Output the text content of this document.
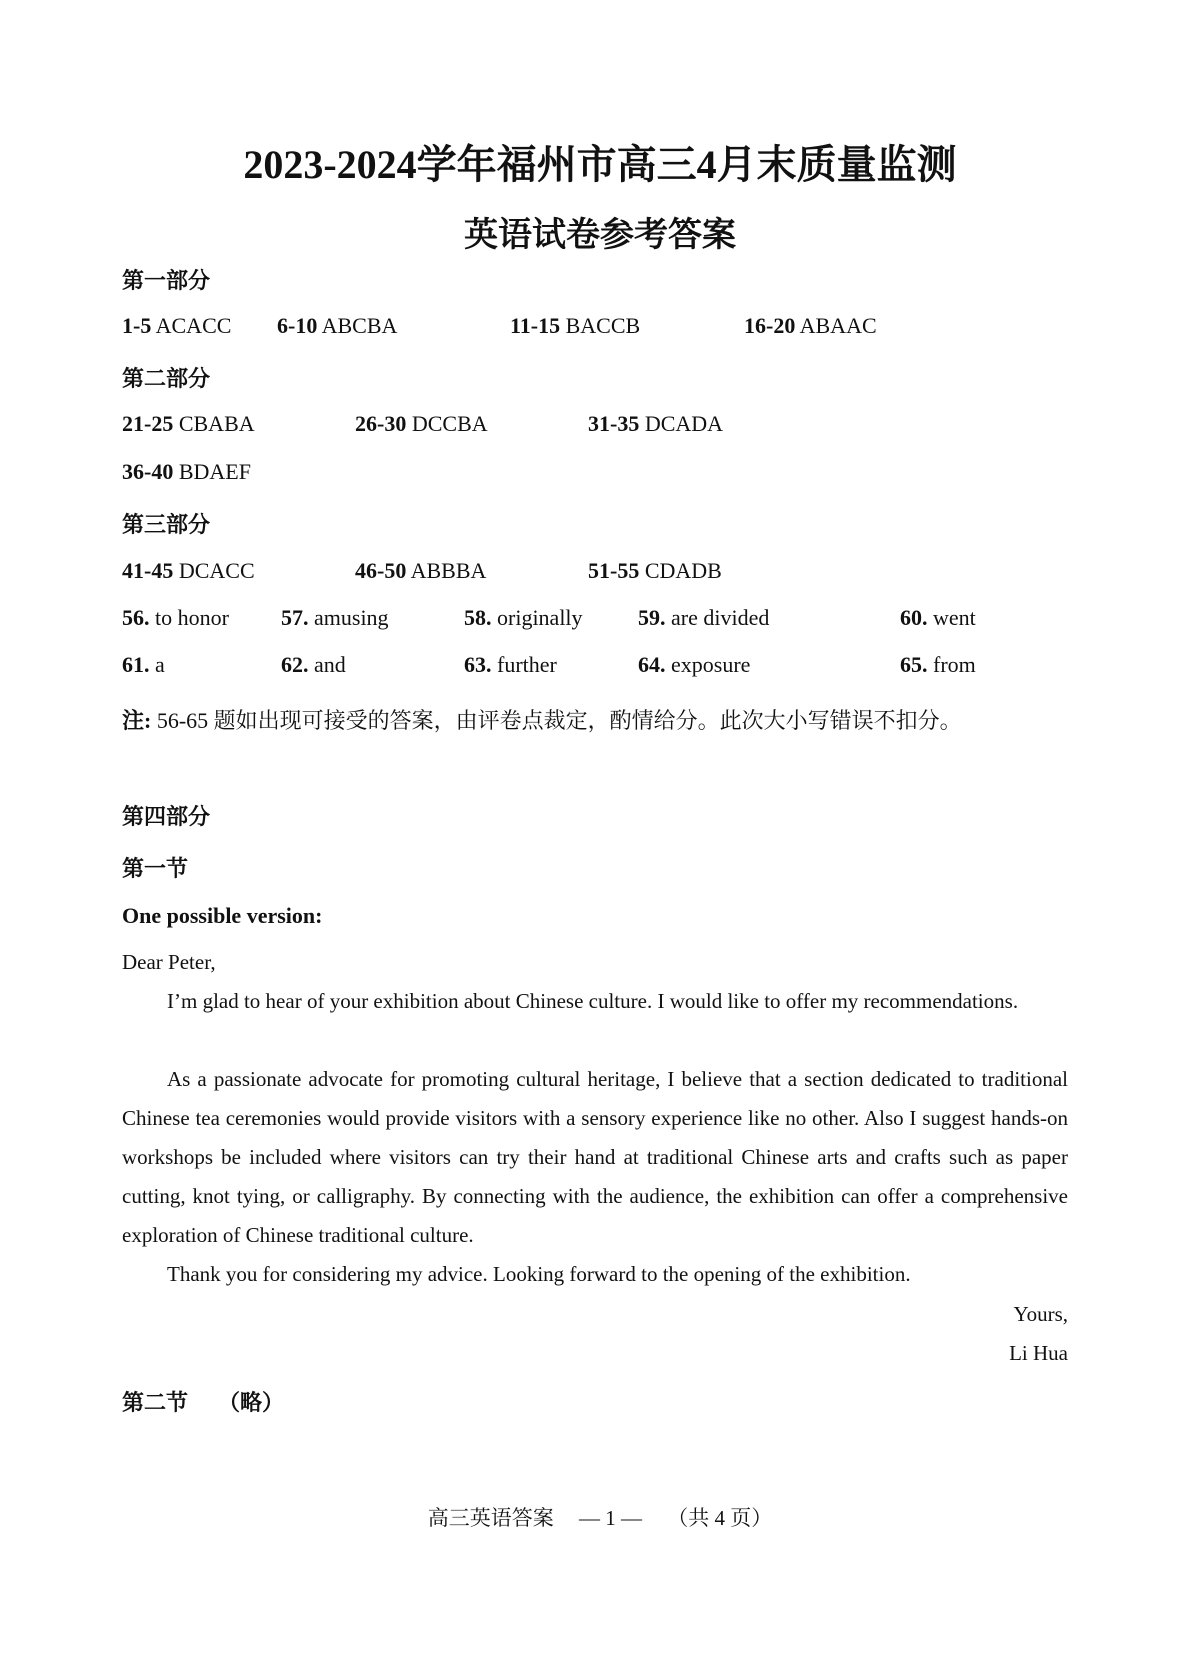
2023-2024学年福州市高三4月末质量监测
英语试卷参考答案
第一部分
1-5 ACACC 6-10 ABCBA	11-15 BACCB	16-20 ABAAC
第二部分
21-25 CBABA	26-30 DCCBA	31-35 DCADA
36-40 BDAEF
第三部分
41-45 DCACC	46-50 ABBBA	51-55 CDADB
56. to honor 57. amusing	58. originally	59. are divided	60. went
61. a	62. and	63. further	64. exposure	65. from
注: 56-65 题如出现可接受的答案，由评卷点裁定，酌情给分。此次大小写错误不扣分。
第四部分
第一节
One possible version:
Dear Peter,
I’m glad to hear of your exhibition about Chinese culture. I would like to offer my recommendations.
As a passionate advocate for promoting cultural heritage, I believe that a section dedicated to traditional Chinese tea ceremonies would provide visitors with a sensory experience like no other. Also I suggest hands-on workshops be included where visitors can try their hand at traditional Chinese arts and crafts such as paper cutting, knot tying, or calligraphy. By connecting with the audience, the exhibition can offer a comprehensive exploration of Chinese traditional culture.
Thank you for considering my advice. Looking forward to the opening of the exhibition.
Yours,
Li Hua
第二节 （略）
高三英语答案 — 1 — （共 4 页）
